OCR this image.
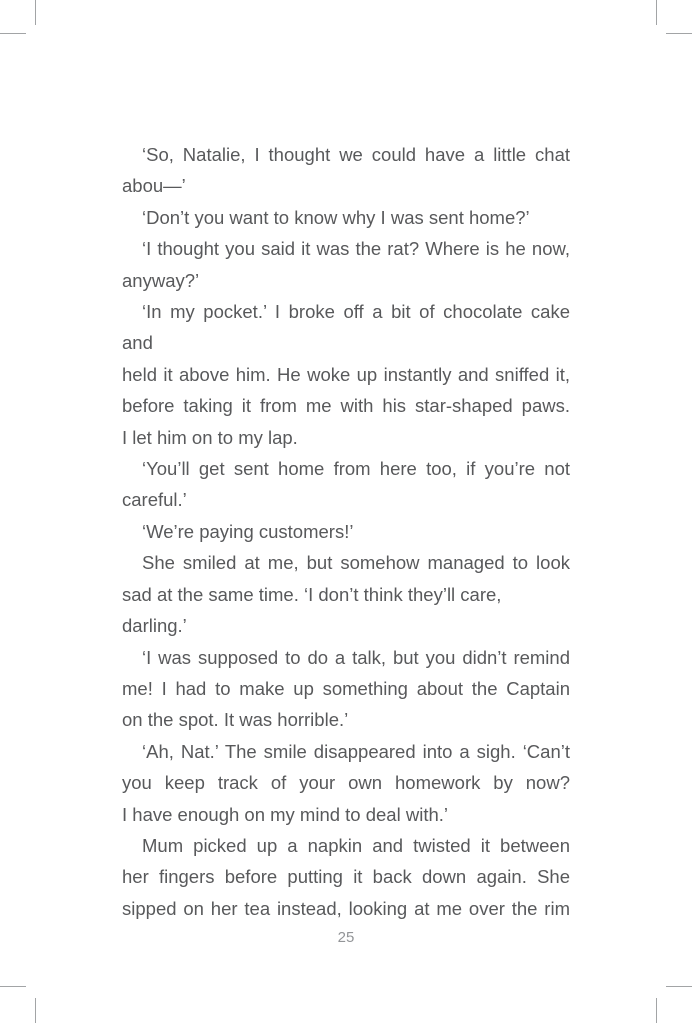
‘So, Natalie, I thought we could have a little chat
abou—’

‘Don’t you want to know why I was sent home?’

‘I thought you said it was the rat? Where is he now,
anyway?’

‘In my pocket.’ I broke off a bit of chocolate cake and
held it above him. He woke up instantly and sniffed it,
before taking it from me with his star-shaped paws.
I let him on to my lap.

‘You’ll get sent home from here too, if you’re not
careful.’

‘We’re paying customers!’

She smiled at me, but somehow managed to look
sad at the same time. ‘I don’t think they’ll care, darling.’

‘I was supposed to do a talk, but you didn’t remind
me! I had to make up something about the Captain
on the spot. It was horrible.’

‘Ah, Nat.’ The smile disappeared into a sigh. ‘Can’t
you keep track of your own homework by now?
I have enough on my mind to deal with.’

Mum picked up a napkin and twisted it between
her fingers before putting it back down again. She
sipped on her tea instead, looking at me over the rim

25
